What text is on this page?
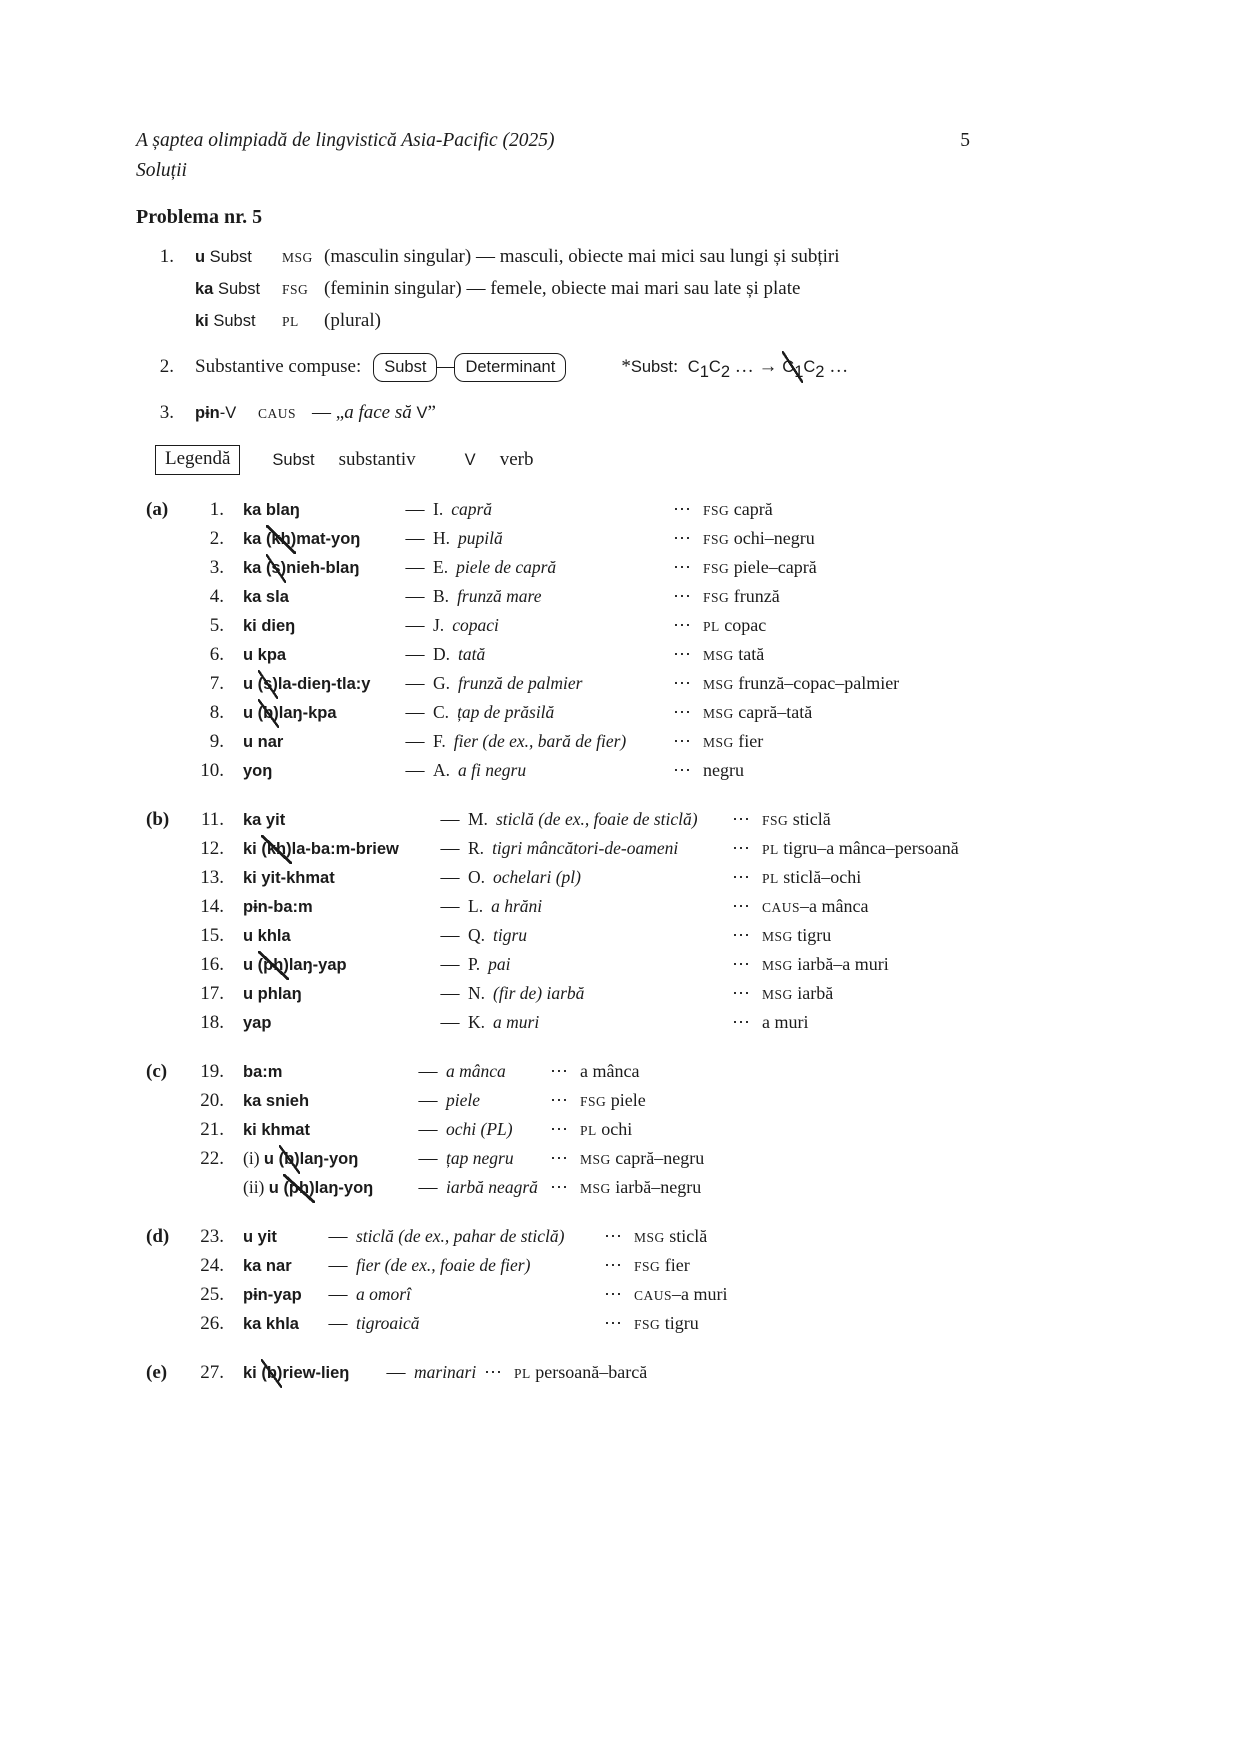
A șaptea olimpiadă de lingvistică Asia-Pacific (2025)
Soluții
5
Problema nr. 5
1.	u Subst	MSG (masculin singular) — masculi, obiecte mai mici sau lungi și subțiri
ka Subst	FSG (feminin singular) — femele, obiecte mai mari sau late și plate
ki Subst	PL	(plural)
2.	Substantive compuse:	Subst	Determinant	*Subst: $C_1C_2$ … → $C_1C_2$ …
3.	pɨn-V	CAUS — „a face să V”
Legendă	Subst substantiv	V verb
(a)	1.	ka blaŋ	— I. capră	⋯ FSG capră
2.	ka (kh)mat-yoŋ	— H. pupilă	⋯ FSG ochi–negru
3.	ka (s)nieh-blaŋ	— E. piele de capră	⋯ FSG piele–capră
4.	ka sla	— B. frunză mare	⋯ FSG frunză
5.	ki dieŋ	— J. copaci	⋯ PL copac
6.	u kpa	— D. tată	⋯ MSG tată
7.	u (s)la-dieŋ-tla:y	— G. frunză de palmier	⋯ MSG frunză–copac–palmier
8.	u (b)laŋ-kpa	— C. țap de prăsilă	⋯ MSG capră–tată
9.	u nar	— F. fier (de ex., bară de fier)	⋯ MSG fier
10.	yoŋ	— A. a fi negru	⋯ negru
(b)	11.	ka yit	— M. sticlă (de ex., foaie de sticlă)	⋯ FSG sticlă
12.	ki (kh)la-ba:m-briew	— R. tigri mâncători-de-oameni	⋯ PL tigru–a mânca–persoană
13.	ki yit-khmat	— O. ochelari (pl)	⋯ PL sticlă–ochi
14.	pɨn-ba:m	— L. a hrăni	⋯ CAUS–a mânca
15.	u khla	— Q. tigru	⋯ MSG tigru
16.	u (ph)laŋ-yap	— P. pai	⋯ MSG iarbă–a muri
17.	u phlaŋ	— N. (fir de) iarbă	⋯ MSG iarbă
18.	yap	— K. a muri	⋯ a muri
(c)	19.	ba:m	— a mânca	⋯ a mânca
20.	ka snieh	— piele	⋯ FSG piele
21.	ki khmat	— ochi (PL)	⋯ PL ochi
22.	(i) u (b)laŋ-yoŋ	— țap negru	⋯ MSG capră–negru
(ii) u (ph)laŋ-yoŋ	— iarbă neagră ⋯ MSG iarbă–negru
(d)	23.	u yit	— sticlă (de ex., pahar de sticlă)	⋯ MSG sticlă
24.	ka nar	— fier (de ex., foaie de fier)	⋯ FSG fier
25.	pɨn-yap	— a omorî	⋯ CAUS–a muri
26.	ka khla	— tigroaică	⋯ FSG tigru
(e)	27.	ki (b)riew-lieŋ	— marinari ⋯ PL persoană–barcă
